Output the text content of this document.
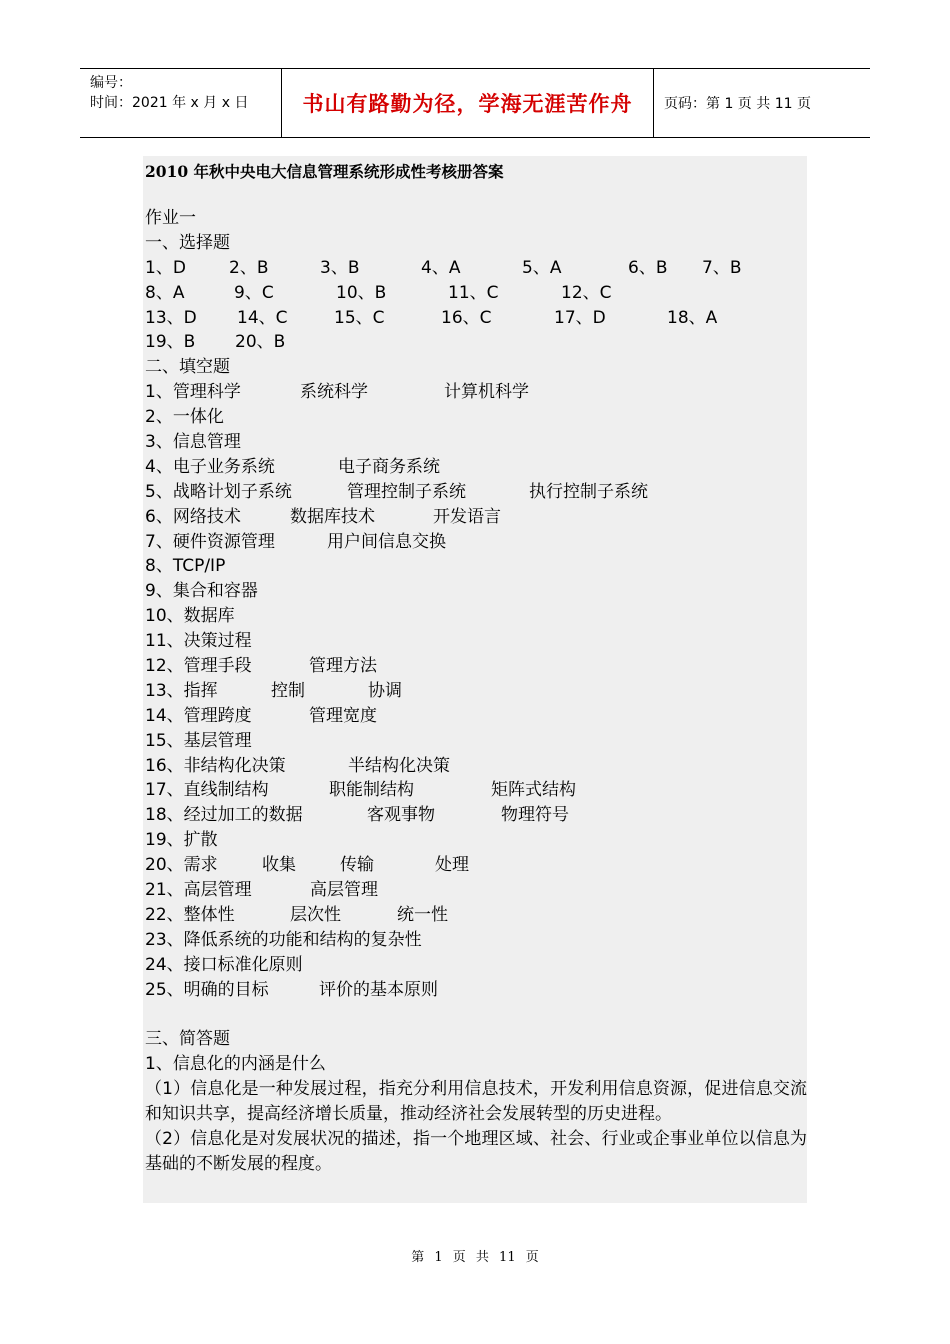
编号：
时间：2021 年 x 月 x 日	书山有路勤为径，学海无涯苦作舟	页码：第 1 页 共 11 页
2010 年秋中央电大信息管理系统形成性考核册答案
作业一
一、选择题
1、D	2、B	3、B	4、A	5、A	6、B	7、B
8、A	9、C	10、B	11、C	12、C
13、D	14、C	15、C	16、C	17、D	18、A
19、B	20、B
二、填空题
1、管理科学	系统科学	计算机科学
2、一体化
3、信息管理
4、电子业务系统	电子商务系统
5、战略计划子系统	管理控制子系统	执行控制子系统
6、网络技术	数据库技术	开发语言
7、硬件资源管理	用户间信息交换
8、TCP/IP
9、集合和容器
10、数据库
11、决策过程
12、管理手段	管理方法
13、指挥	控制	协调
14、管理跨度	管理宽度
15、基层管理
16、非结构化决策	半结构化决策
17、直线制结构	职能制结构	矩阵式结构
18、经过加工的数据	客观事物	物理符号
19、扩散
20、需求	收集	传输	处理
21、高层管理	高层管理
22、整体性	层次性	统一性
23、降低系统的功能和结构的复杂性
24、接口标准化原则
25、明确的目标	评价的基本原则
三、简答题
1、信息化的内涵是什么

（1）信息化是一种发展过程，指充分利用信息技术，开发利用信息资源，促进信息交流和知识共享，提高经济增长质量，推动经济社会发展转型的历史进程。

（2）信息化是对发展状况的描述，指一个地理区域、社会、行业或企事业单位以信息为基础的不断发展的程度。

第 1 页 共 11 页
